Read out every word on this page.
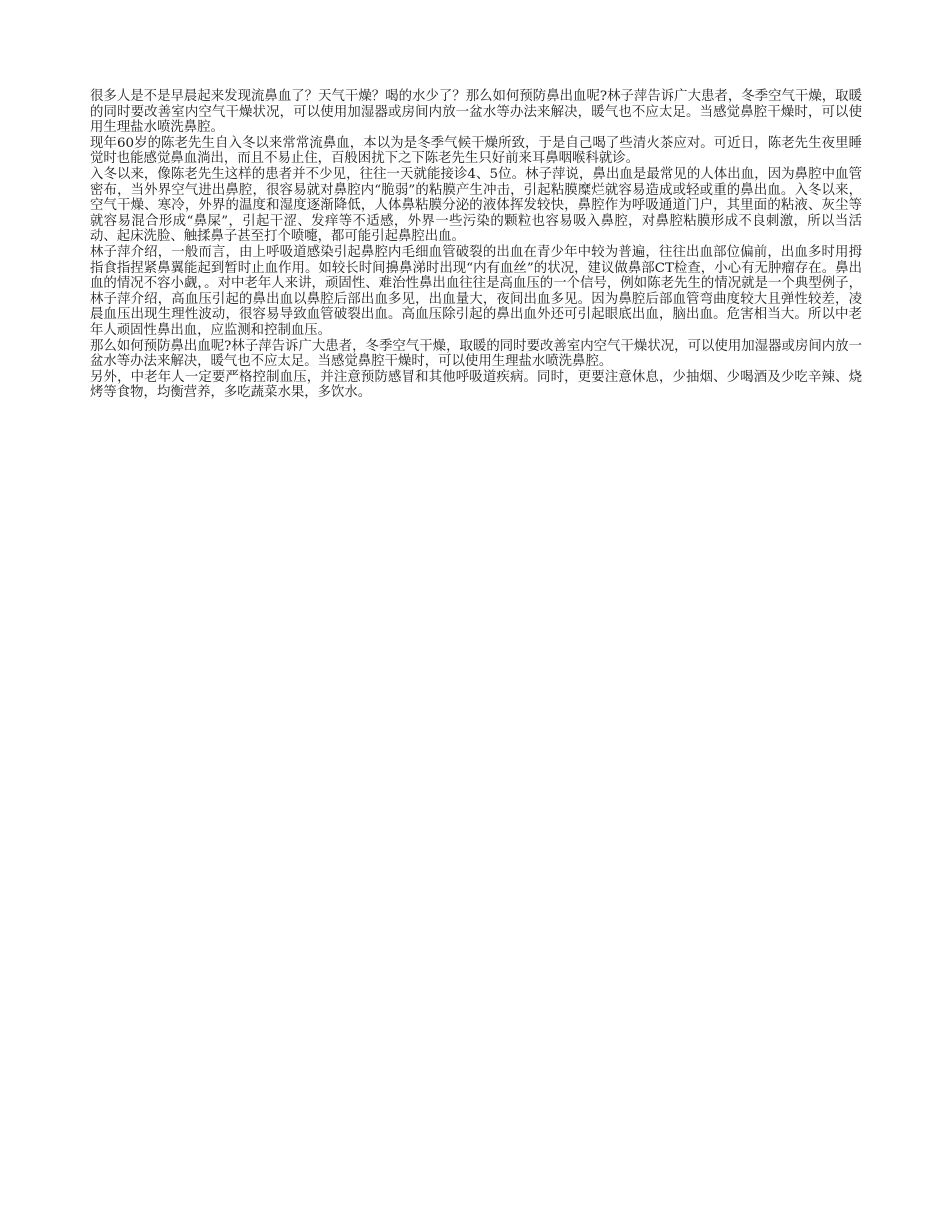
很多人是不是早晨起来发现流鼻血了？天气干燥？喝的水少了？那么如何预防鼻出血呢?林子萍告诉广大患者，冬季空气干燥，取暖的同时要改善室内空气干燥状况，可以使用加湿器或房间内放一盆水等办法来解决，暖气也不应太足。当感觉鼻腔干燥时，可以使用生理盐水喷洗鼻腔。

现年60岁的陈老先生自入冬以来常常流鼻血，本以为是冬季气候干燥所致，于是自己喝了些清火茶应对。可近日，陈老先生夜里睡觉时也能感觉鼻血淌出，而且不易止住，百般困扰下之下陈老先生只好前来耳鼻咽喉科就诊。

入冬以来，像陈老先生这样的患者并不少见，往往一天就能接诊4、5位。林子萍说，鼻出血是最常见的人体出血，因为鼻腔中血管密布，当外界空气进出鼻腔，很容易就对鼻腔内“脆弱”的粘膜产生冲击，引起粘膜糜烂就容易造成或轻或重的鼻出血。入冬以来，空气干燥、寒冷，外界的温度和湿度逐渐降低，人体鼻粘膜分泌的液体挥发较快，鼻腔作为呼吸通道门户，其里面的粘液、灰尘等就容易混合形成“鼻屎”，引起干涩、发痒等不适感，外界一些污染的颗粒也容易吸入鼻腔，对鼻腔粘膜形成不良刺激，所以当活动、起床洗脸、触揉鼻子甚至打个喷嚏，都可能引起鼻腔出血。

林子萍介绍，一般而言，由上呼吸道感染引起鼻腔内毛细血管破裂的出血在青少年中较为普遍，往往出血部位偏前，出血多时用拇指食指捏紧鼻翼能起到暂时止血作用。如较长时间擤鼻涕时出现“内有血丝”的状况，建议做鼻部CT检查，小心有无肿瘤存在。鼻出血的情况不容小觑，。对中老年人来讲，顽固性、难治性鼻出血往往是高血压的一个信号，例如陈老先生的情况就是一个典型例子，林子萍介绍，高血压引起的鼻出血以鼻腔后部出血多见，出血量大，夜间出血多见。因为鼻腔后部血管弯曲度较大且弹性较差，凌晨血压出现生理性波动，很容易导致血管破裂出血。高血压除引起的鼻出血外还可引起眼底出血，脑出血。危害相当大。所以中老年人顽固性鼻出血，应监测和控制血压。

那么如何预防鼻出血呢?林子萍告诉广大患者，冬季空气干燥，取暖的同时要改善室内空气干燥状况，可以使用加湿器或房间内放一盆水等办法来解决，暖气也不应太足。当感觉鼻腔干燥时，可以使用生理盐水喷洗鼻腔。

另外，中老年人一定要严格控制血压，并注意预防感冒和其他呼吸道疾病。同时，更要注意休息，少抽烟、少喝酒及少吃辛辣、烧烤等食物，均衡营养，多吃蔬菜水果，多饮水。
